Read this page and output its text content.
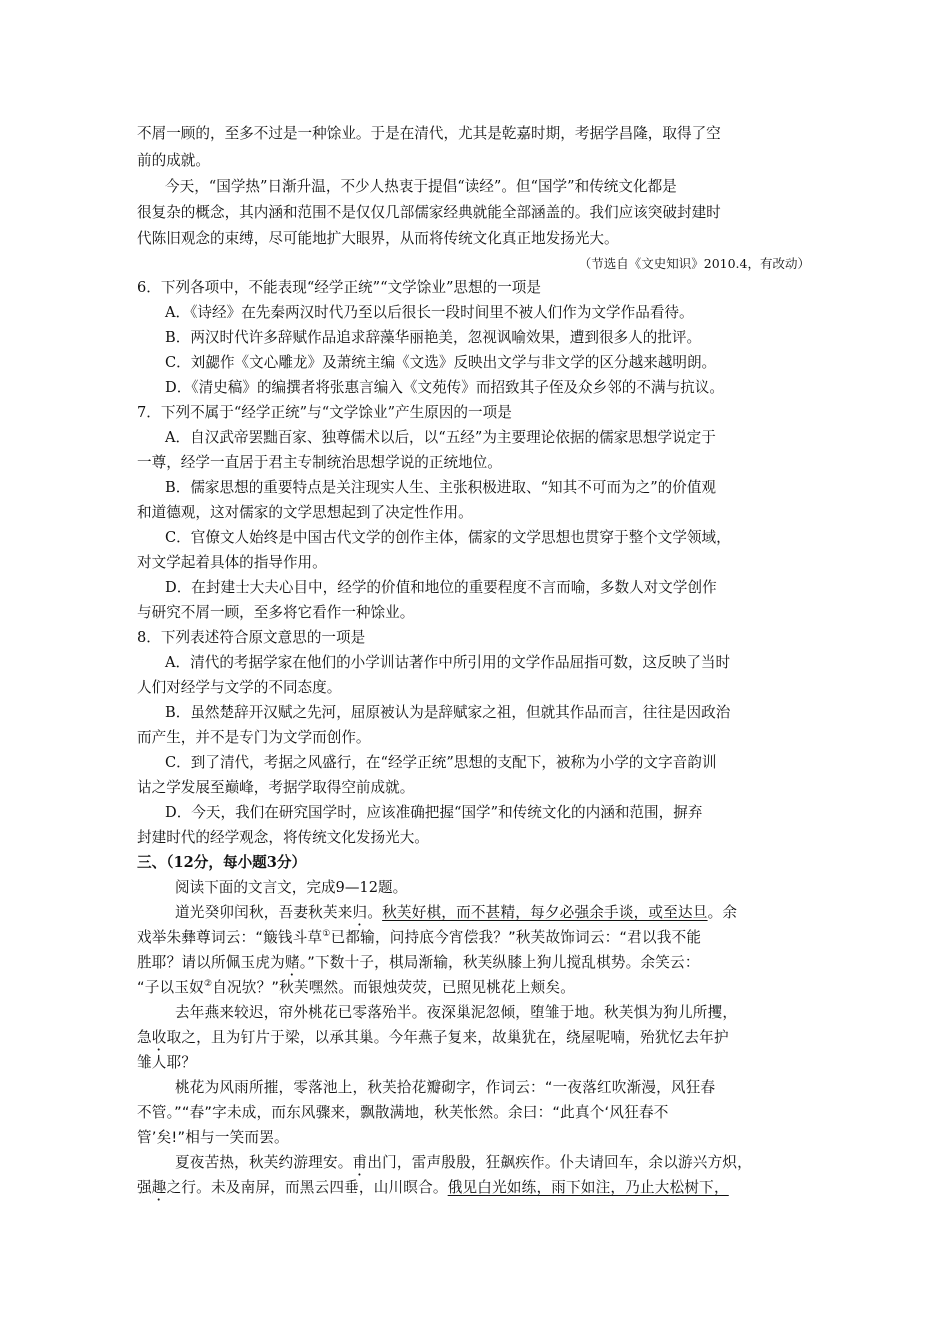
不屑一顾的，至多不过是一种馀业。于是在清代，尤其是乾嘉时期，考据学昌隆，取得了空
前的成就。
今天，“国学热”日渐升温，不少人热衷于提倡“读经”。但“国学”和传统文化都是
很复杂的概念，其内涵和范围不是仅仅几部儒家经典就能全部涵盖的。我们应该突破封建时
代陈旧观念的束缚，尽可能地扩大眼界，从而将传统文化真正地发扬光大。
（节选自《文史知识》2010.4，有改动）
6．下列各项中，不能表现“经学正统”“文学馀业”思想的一项是
A．《诗经》在先秦两汉时代乃至以后很长一段时间里不被人们作为文学作品看待。
B．两汉时代许多辞赋作品追求辞藻华丽艳美，忽视讽喻效果，遭到很多人的批评。
C．刘勰作《文心雕龙》及萧统主编《文选》反映出文学与非文学的区分越来越明朗。
D．《清史稿》的编撰者将张惠言编入《文苑传》而招致其子侄及众乡邻的不满与抗议。
7．下列不属于“经学正统”与“文学馀业”产生原因的一项是
A．自汉武帝罢黜百家、独尊儒术以后，以“五经”为主要理论依据的儒家思想学说定于
一尊，经学一直居于君主专制统治思想学说的正统地位。
B．儒家思想的重要特点是关注现实人生、主张积极进取、“知其不可而为之”的价值观
和道德观，这对儒家的文学思想起到了决定性作用。
C．官僚文人始终是中国古代文学的创作主体，儒家的文学思想也贯穿于整个文学领域，
对文学起着具体的指导作用。
D．在封建士大夫心目中，经学的价值和地位的重要程度不言而喻，多数人对文学创作
与研究不屑一顾，至多将它看作一种馀业。
8．下列表述符合原文意思的一项是
A．清代的考据学家在他们的小学训诂著作中所引用的文学作品屈指可数，这反映了当时
人们对经学与文学的不同态度。
B．虽然楚辞开汉赋之先河，屈原被认为是辞赋家之祖，但就其作品而言，往往是因政治
而产生，并不是专门为文学而创作。
C．到了清代，考据之风盛行，在“经学正统”思想的支配下，被称为小学的文字音韵训
诂之学发展至巅峰，考据学取得空前成就。
D．今天，我们在研究国学时，应该准确把握“国学”和传统文化的内涵和范围，摒弃
封建时代的经学观念，将传统文化发扬光大。
三、（12分，每小题3分）
阅读下面的文言文，完成9—12题。
道光癸卯闰秋，吾妻秋芙来归。秋芙好棋，而不甚精，每夕必强余手谈，或至达旦。余
戏举朱彝尊词云：“簸钱斗草①已都输，问持底今宵偿我？”秋芙故饰词云：“君以我不能
胜耶？请以所佩玉虎为赌。”下数十子，棋局渐输，秋芙纵膝上狗儿搅乱棋势。余笑云：
“子以玉奴②自况欤？”秋芙嘿然。而银烛荧荧，已照见桃花上颊矣。
去年燕来较迟，帘外桃花已零落殆半。夜深巢泥忽倾，堕雏于地。秋芙惧为狗儿所攫，
急收取之，且为钉片于梁，以承其巢。今年燕子复来，故巢犹在，绕屋呢喃，殆犹忆去年护
雏人耶？
桃花为风雨所摧，零落池上，秋芙拾花瓣砌字，作词云：“一夜落红吹渐漫，风狂春
不管。”“春”字未成，而东风骤来，飘散满地，秋芙怅然。余曰：“此真个‘风狂春不
管’矣!”相与一笑而罢。
夏夜苦热，秋芙约游理安。甫出门，雷声殷殷，狂飙疾作。仆夫请回车，余以游兴方炽，
强趣之行。未及南屏，而黑云四垂，山川暝合。俄见白光如练，雨下如注，乃止大松树下，
